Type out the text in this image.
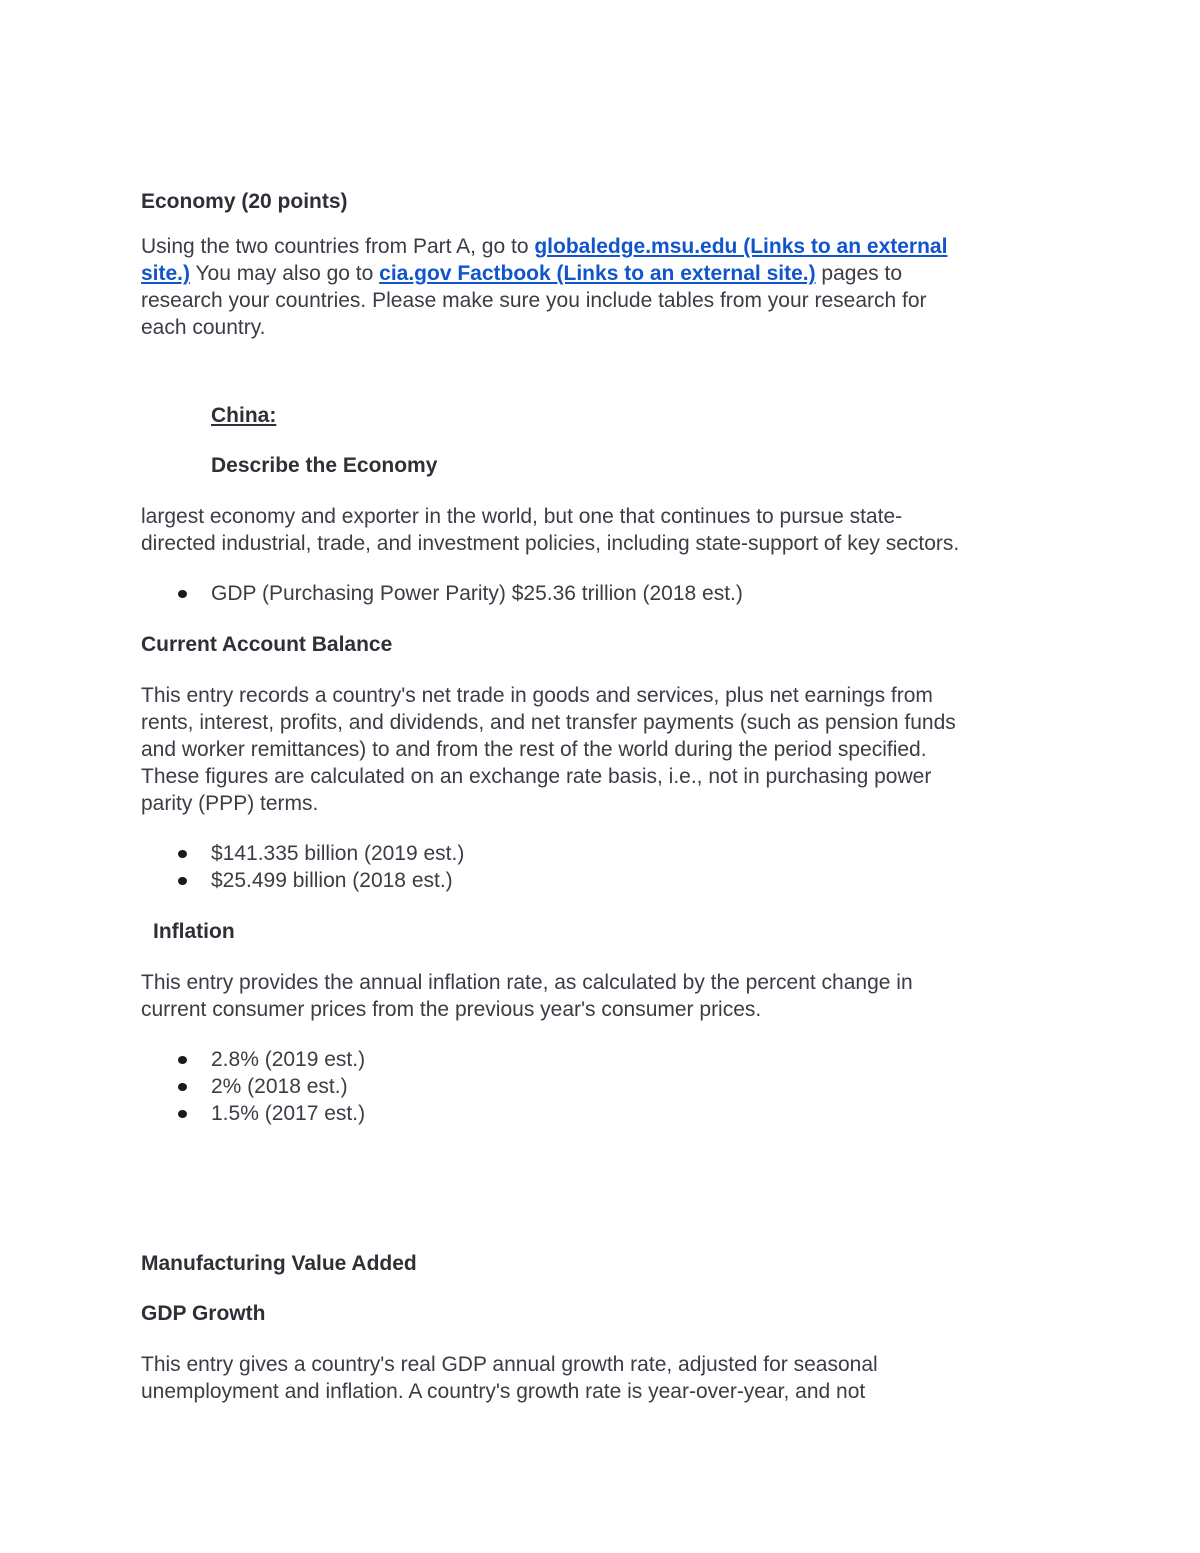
Economy (20 points)
Using the two countries from Part A, go to globaledge.msu.edu (Links to an external
site.) You may also go to cia.gov Factbook (Links to an external site.) pages to
research your countries. Please make sure you include tables from your research for
each country.
China:
Describe the Economy
largest economy and exporter in the world, but one that continues to pursue state-
directed industrial, trade, and investment policies, including state-support of key sectors.
GDP (Purchasing Power Parity) $25.36 trillion (2018 est.)
Current Account Balance
This entry records a country's net trade in goods and services, plus net earnings from
rents, interest, profits, and dividends, and net transfer payments (such as pension funds
and worker remittances) to and from the rest of the world during the period specified.
These figures are calculated on an exchange rate basis, i.e., not in purchasing power
parity (PPP) terms.
$141.335 billion (2019 est.)
$25.499 billion (2018 est.)
Inflation
This entry provides the annual inflation rate, as calculated by the percent change in
current consumer prices from the previous year's consumer prices.
2.8% (2019 est.)
2% (2018 est.)
1.5% (2017 est.)
Manufacturing Value Added
GDP Growth
This entry gives a country's real GDP annual growth rate, adjusted for seasonal
unemployment and inflation. A country's growth rate is year-over-year, and not
